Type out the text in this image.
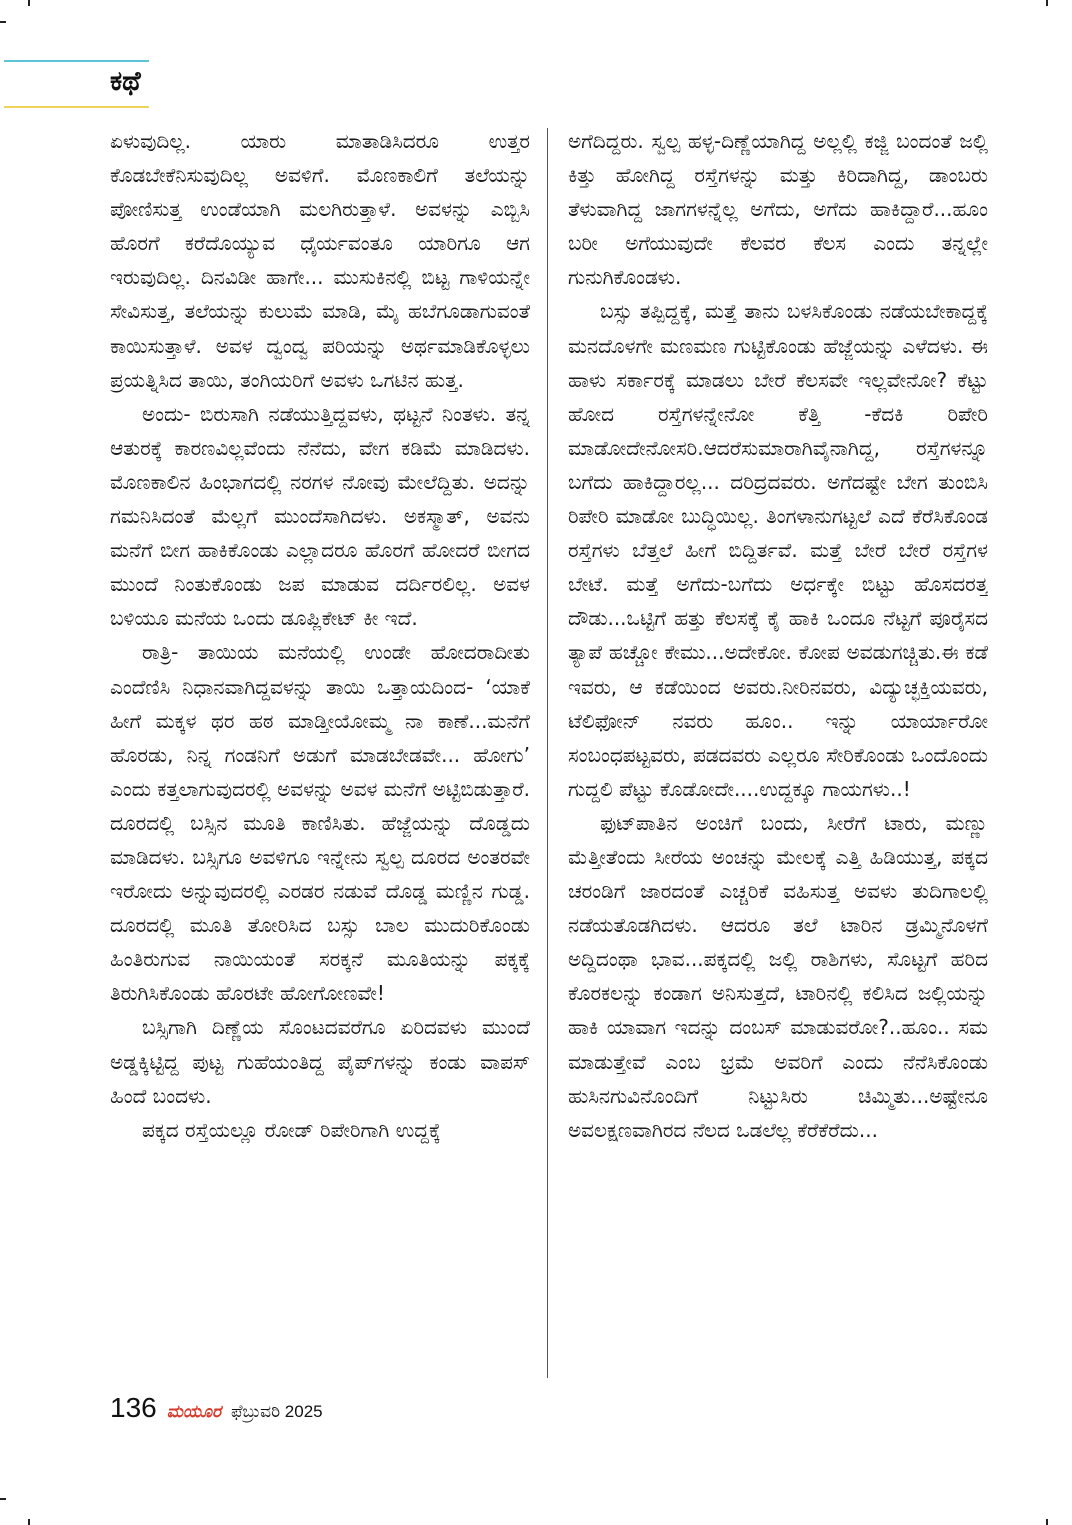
ಕಥೆ

ಏಳುವುದಿಲ್ಲ. ಯಾರು ಮಾತಾಡಿಸಿದರೂ ಉತ್ತರ ಕೊಡಬೇಕೆನಿಸುವುದಿಲ್ಲ ಅವಳಿಗೆ. ಮೊಣಕಾಲಿಗೆ ತಲೆಯನ್ನು ಪೋಣಿಸುತ್ತ ಉಂಡೆಯಾಗಿ ಮಲಗಿರುತ್ತಾಳೆ. ಅವಳನ್ನು ಎಬ್ಬಿಸಿ ಹೊರಗೆ ಕರೆದೊಯ್ಯುವ ಧೈರ್ಯವಂತೂ ಯಾರಿಗೂ ಆಗ ಇರುವುದಿಲ್ಲ. ದಿನವಿಡೀ ಹಾಗೇ... ಮುಸುಕಿನಲ್ಲಿ ಬಿಟ್ಟ ಗಾಳಿಯನ್ನೇ ಸೇವಿಸುತ್ತ, ತಲೆಯನ್ನು ಕುಲುಮೆ ಮಾಡಿ, ಮೈ ಹಬೆಗೂಡಾಗುವಂತೆ ಕಾಯಿಸುತ್ತಾಳೆ. ಅವಳ ದ್ವಂದ್ವ ಪರಿಯನ್ನು ಅರ್ಥಮಾಡಿಕೊಳ್ಳಲು ಪ್ರಯತ್ನಿಸಿದ ತಾಯಿ, ತಂಗಿಯರಿಗೆ ಅವಳು ಒಗಟಿನ ಹುತ್ತ.

ಅಂದು- ಬಿರುಸಾಗಿ ನಡೆಯುತ್ತಿದ್ದವಳು, ಥಟ್ಟನೆ ನಿಂತಳು. ತನ್ನ ಆತುರಕ್ಕೆ ಕಾರಣವಿಲ್ಲವೆಂದು ನೆನೆದು, ವೇಗ ಕಡಿಮೆ ಮಾಡಿದಳು. ಮೊಣಕಾಲಿನ ಹಿಂಭಾಗದಲ್ಲಿ ನರಗಳ ನೋವು ಮೇಲೆದ್ದಿತು. ಅದನ್ನು ಗಮನಿಸಿದಂತೆ ಮೆಲ್ಲಗೆ ಮುಂದೆಸಾಗಿದಳು. ಅಕಸ್ಮಾತ್, ಅವನು ಮನೆಗೆ ಬೀಗ ಹಾಕಿಕೊಂಡು ಎಲ್ಲಾದರೂ ಹೊರಗೆ ಹೋದರೆ ಬೀಗದ ಮುಂದೆ ನಿಂತುಕೊಂಡು ಜಪ ಮಾಡುವ ದರ್ದಿರಲಿಲ್ಲ. ಅವಳ ಬಳಿಯೂ ಮನೆಯ ಒಂದು ಡೂಪ್ಲಿಕೇಟ್ ಕೀ ಇದೆ.

ರಾತ್ರಿ- ತಾಯಿಯ ಮನೆಯಲ್ಲಿ ಉಂಡೇ ಹೋದರಾದೀತು ಎಂದೆಣಿಸಿ ನಿಧಾನವಾಗಿದ್ದವಳನ್ನು ತಾಯಿ ಒತ್ತಾಯದಿಂದ- ‘ಯಾಕೆ ಹೀಗೆ ಮಕ್ಕಳ ಥರ ಹಠ ಮಾಡ್ತೀಯೋಮ್ಮ ನಾ ಕಾಣೆ...ಮನೆಗೆ ಹೊರಡು, ನಿನ್ನ ಗಂಡನಿಗೆ ಅಡುಗೆ ಮಾಡಬೇಡವೇ... ಹೋಗು’ ಎಂದು ಕತ್ತಲಾಗುವುದರಲ್ಲಿ ಅವಳನ್ನು ಅವಳ ಮನೆಗೆ ಅಟ್ಟಿಬಿಡುತ್ತಾರೆ. ದೂರದಲ್ಲಿ ಬಸ್ಸಿನ ಮೂತಿ ಕಾಣಿಸಿತು. ಹೆಜ್ಜೆಯನ್ನು ದೊಡ್ಡದು ಮಾಡಿದಳು. ಬಸ್ಸಿಗೂ ಅವಳಿಗೂ ಇನ್ನೇನು ಸ್ವಲ್ಪ ದೂರದ ಅಂತರವೇ ಇರೋದು ಅನ್ನುವುದರಲ್ಲಿ ಎರಡರ ನಡುವೆ ದೊಡ್ಡ ಮಣ್ಣಿನ ಗುಡ್ಡ. ದೂರದಲ್ಲಿ ಮೂತಿ ತೋರಿಸಿದ ಬಸ್ಸು ಬಾಲ ಮುದುರಿಕೊಂಡು ಹಿಂತಿರುಗುವ ನಾಯಿಯಂತೆ ಸರಕ್ಕನೆ ಮೂತಿಯನ್ನು ಪಕ್ಕಕ್ಕೆ ತಿರುಗಿಸಿಕೊಂಡು ಹೊರಟೇ ಹೋಗೋಣವೇ!

ಬಸ್ಸಿಗಾಗಿ ದಿಣ್ಣೆಯ ಸೊಂಟದವರೆಗೂ ಏರಿದವಳು ಮುಂದೆ ಅಡ್ಡಕ್ಕಿಟ್ಟಿದ್ದ ಪುಟ್ಟ ಗುಹೆಯಂತಿದ್ದ ಪೈಪ್‌ಗಳನ್ನು ಕಂಡು ವಾಪಸ್ ಹಿಂದೆ ಬಂದಳು.

ಪಕ್ಕದ ರಸ್ತೆಯಲ್ಲೂ ರೋಡ್ ರಿಪೇರಿಗಾಗಿ ಉದ್ದಕ್ಕೆ

ಅಗೆದಿದ್ದರು. ಸ್ವಲ್ಪ ಹಳ್ಳ-ದಿಣ್ಣೆಯಾಗಿದ್ದ ಅಲ್ಲಲ್ಲಿ ಕಜ್ಜಿ ಬಂದಂತೆ ಜಲ್ಲಿ ಕಿತ್ತು ಹೋಗಿದ್ದ ರಸ್ತೆಗಳನ್ನು ಮತ್ತು ಕಿರಿದಾಗಿದ್ದ, ಡಾಂಬರು ತೆಳುವಾಗಿದ್ದ ಜಾಗಗಳನ್ನೆಲ್ಲ ಅಗೆದು, ಅಗೆದು ಹಾಕಿದ್ದಾರೆ...ಹೂಂ ಬರೀ ಅಗೆಯುವುದೇ ಕೆಲವರ ಕೆಲಸ ಎಂದು ತನ್ನಲ್ಲೇ ಗುನುಗಿಕೊಂಡಳು.

ಬಸ್ಸು ತಪ್ಪಿದ್ದಕ್ಕೆ, ಮತ್ತೆ ತಾನು ಬಳಸಿಕೊಂಡು ನಡೆಯಬೇಕಾದ್ದಕ್ಕೆ ಮನದೊಳಗೇ ಮಣಮಣ ಗುಟ್ಟಿಕೊಂಡು ಹೆಜ್ಜೆಯನ್ನು ಎಳೆದಳು. ಈ ಹಾಳು ಸರ್ಕಾರಕ್ಕೆ ಮಾಡಲು ಬೇರೆ ಕೆಲಸವೇ ಇಲ್ಲವೇನೋ? ಕೆಟ್ಟು ಹೋದ ರಸ್ತೆಗಳನ್ನೇನೋ ಕೆತ್ತಿ -ಕೆದಕಿ ರಿಪೇರಿ ಮಾಡೋದೇನೋಸರಿ.ಆದರೆಸುಮಾರಾಗಿವೈನಾಗಿದ್ದ, ರಸ್ತೆಗಳನ್ನೂ ಬಗೆದು ಹಾಕಿದ್ದಾರಲ್ಲ... ದರಿದ್ರದವರು. ಅಗೆದಷ್ಟೇ ಬೇಗ ತುಂಬಿಸಿ ರಿಪೇರಿ ಮಾಡೋ ಬುದ್ಧಿಯಿಲ್ಲ. ತಿಂಗಳಾನುಗಟ್ಟಲೆ ಎದೆ ಕೆರೆಸಿಕೊಂಡ ರಸ್ತೆಗಳು ಬೆತ್ತಲೆ ಹೀಗೆ ಬಿದ್ದಿರ್ತವೆ. ಮತ್ತೆ ಬೇರೆ ಬೇರೆ ರಸ್ತೆಗಳ ಬೇಟೆ. ಮತ್ತೆ ಅಗೆದು-ಬಗೆದು ಅರ್ಧಕ್ಕೇ ಬಿಟ್ಟು ಹೊಸದರತ್ತ ದೌಡು...ಒಟ್ಟಿಗೆ ಹತ್ತು ಕೆಲಸಕ್ಕೆ ಕೈ ಹಾಕಿ ಒಂದೂ ನೆಟ್ಟಗೆ ಪೂರೈಸದ ತ್ಯಾಪೆ ಹಚ್ಚೋ ಕೇಮು...ಅದೇಕೋ. ಕೋಪ ಅವಡುಗಚ್ಚಿತು.ಈ ಕಡೆ ಇವರು, ಆ ಕಡೆಯಿಂದ ಅವರು.ನೀರಿನವರು, ವಿದ್ಯುಚ್ಛಕ್ತಿಯವರು, ಟೆಲಿಫೋನ್ ನವರು ಹೂಂ.. ಇನ್ನು ಯಾರ್ಯಾರೋ ಸಂಬಂಧಪಟ್ಟವರು, ಪಡದವರು ಎಲ್ಲರೂ ಸೇರಿಕೊಂಡು ಒಂದೊಂದು ಗುದ್ದಲಿ ಪೆಟ್ಟು ಕೊಡೋದೇ....ಉದ್ದಕ್ಕೂ ಗಾಯಗಳು..!

ಫುಟ್‌ಪಾತಿನ ಅಂಚಿಗೆ ಬಂದು, ಸೀರೆಗೆ ಟಾರು, ಮಣ್ಣು ಮೆತ್ತೀತೆಂದು ಸೀರೆಯ ಅಂಚನ್ನು ಮೇಲಕ್ಕೆ ಎತ್ತಿ ಹಿಡಿಯುತ್ತ, ಪಕ್ಕದ ಚರಂಡಿಗೆ ಜಾರದಂತೆ ಎಚ್ಚರಿಕೆ ವಹಿಸುತ್ತ ಅವಳು ತುದಿಗಾಲಲ್ಲಿ ನಡೆಯತೊಡಗಿದಳು. ಆದರೂ ತಲೆ ಟಾರಿನ ಡ್ರಮ್ಮಿನೊಳಗೆ ಅದ್ದಿದಂಥಾ ಭಾವ...ಪಕ್ಕದಲ್ಲಿ ಜಲ್ಲಿ ರಾಶಿಗಳು, ಸೊಟ್ಟಗೆ ಹರಿದ ಕೊರಕಲನ್ನು ಕಂಡಾಗ ಅನಿಸುತ್ತದೆ, ಟಾರಿನಲ್ಲಿ ಕಲಿಸಿದ ಜಲ್ಲಿಯನ್ನು ಹಾಕಿ ಯಾವಾಗ ಇದನ್ನು ದಂಬಸ್ ಮಾಡುವರೋ?..ಹೂಂ.. ಸಮ ಮಾಡುತ್ತೇವೆ ಎಂಬ ಭ್ರಮೆ ಅವರಿಗೆ ಎಂದು ನೆನೆಸಿಕೊಂಡು ಹುಸಿನಗುವಿನೊಂದಿಗೆ ನಿಟ್ಟುಸಿರು ಚಿಮ್ಮಿತು...ಅಷ್ಟೇನೂ ಅವಲಕ್ಷಣವಾಗಿರದ ನೆಲದ ಒಡಲೆಲ್ಲ ಕೆರೆಕೆರೆದು...

136 ಮಯೂರ ಫೆಬ್ರುವರಿ 2025
